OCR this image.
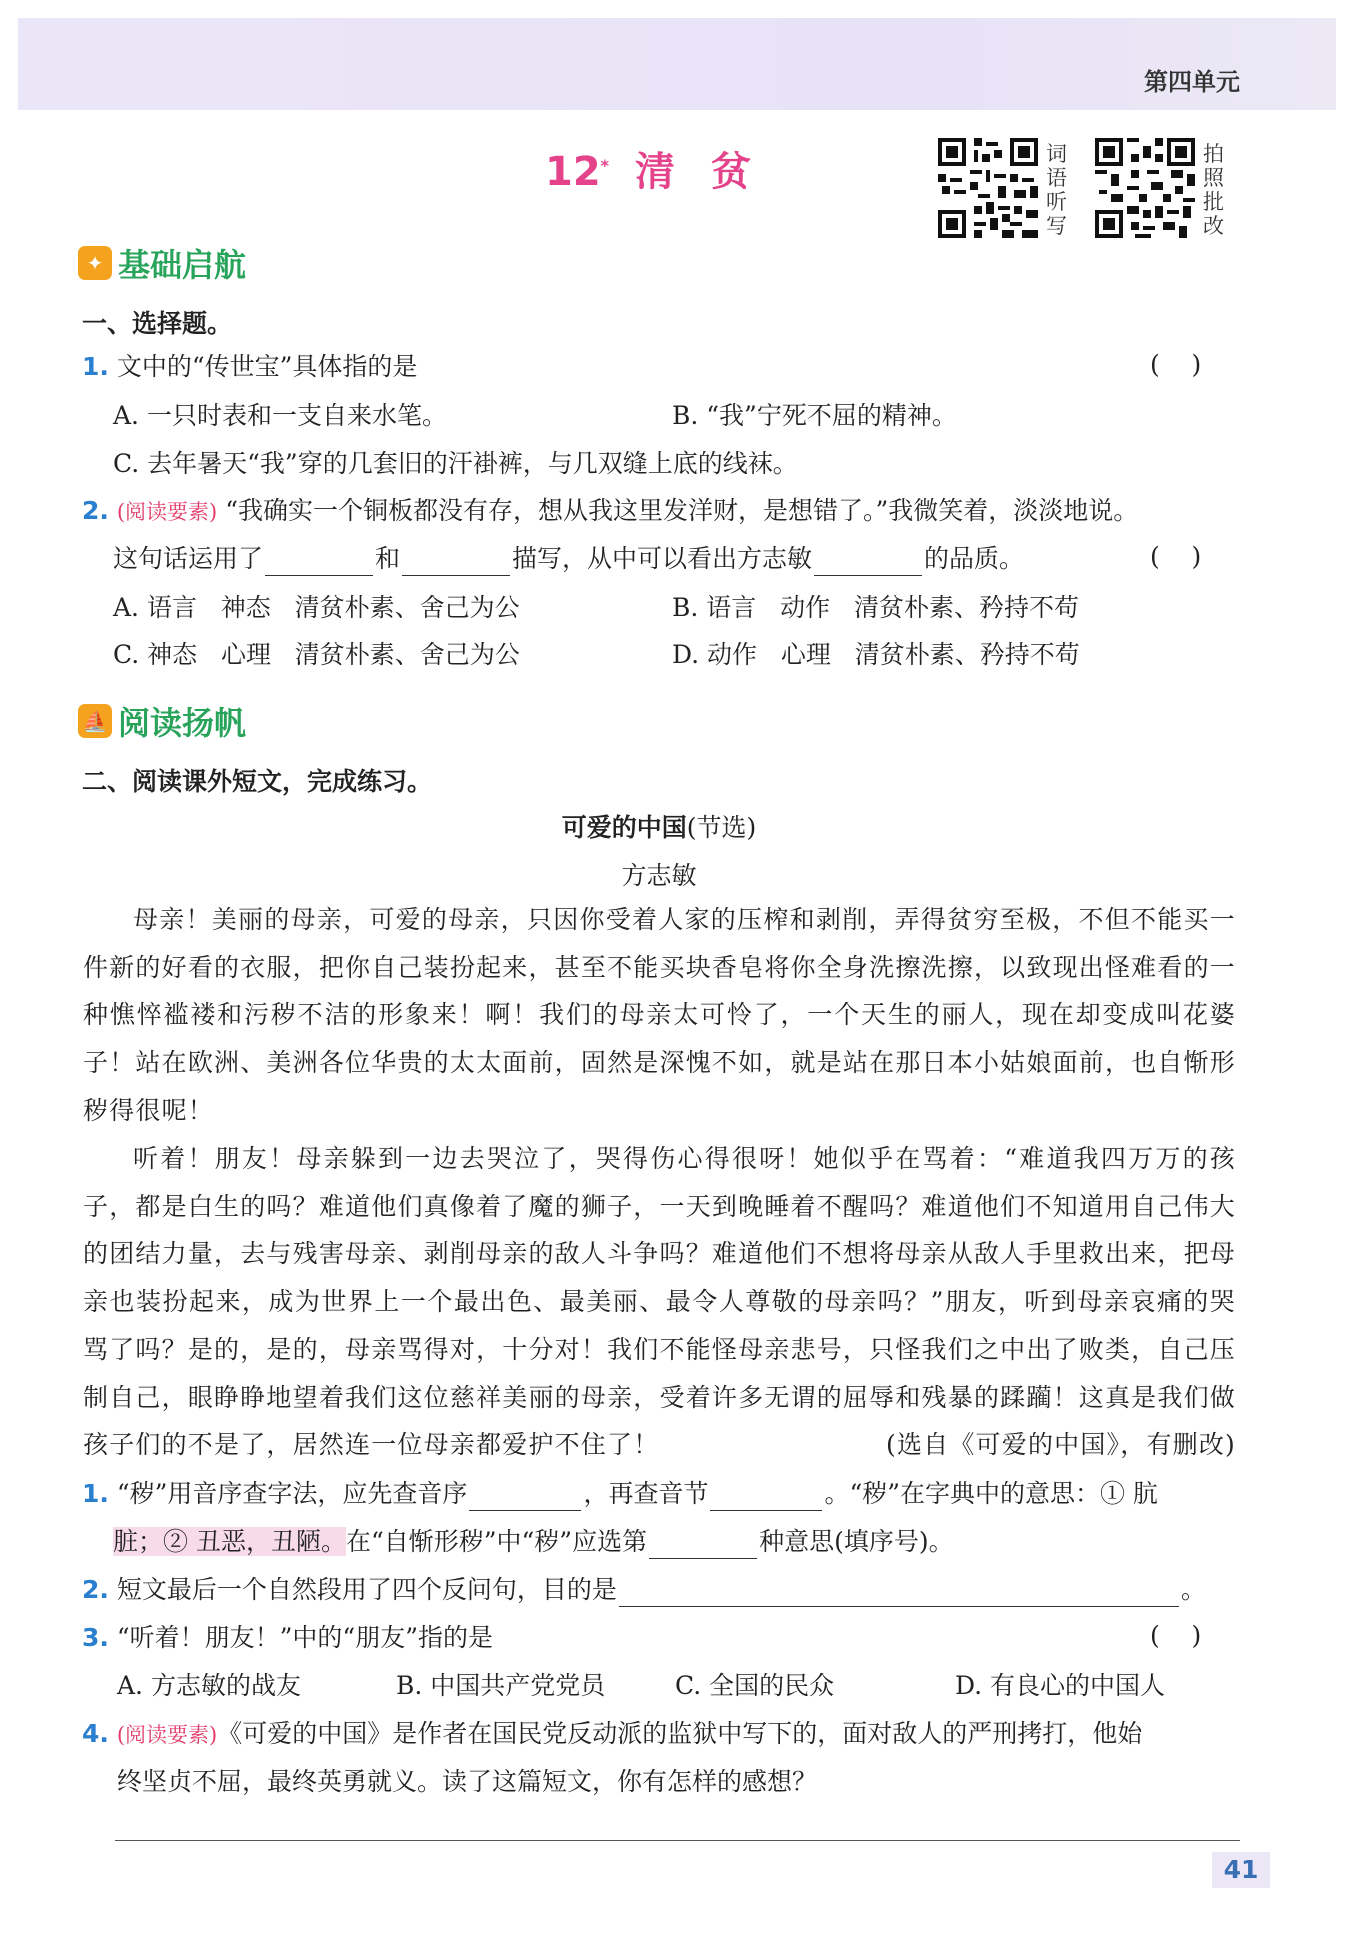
第四单元
12* 清贫	词语听写
拍照批改
✦ 基础启航
一、选择题。
1. 文中的“传世宝”具体指的是	(    )
A. 一只时表和一支自来水笔。	B. “我”宁死不屈的精神。
C. 去年暑天“我”穿的几套旧的汗褂裤，与几双缝上底的线袜。
2. (阅读要素) “我确实一个铜板都没有存，想从我这里发洋财，是想错了。”我微笑着，淡淡地说。
这句话运用了	和	描写，从中可以看出方志敏	的品质。	(    )
A. 语言   神态   清贫朴素、舍己为公	B. 语言   动作   清贫朴素、矜持不苟
C. 神态   心理   清贫朴素、舍己为公	D. 动作   心理   清贫朴素、矜持不苟
⛵ 阅读扬帆
二、阅读课外短文，完成练习。
可爱的中国(节选)
方志敏
母亲！美丽的母亲，可爱的母亲，只因你受着人家的压榨和剥削，弄得贫穷至极，不但不能买一件新的好看的衣服，把你自己装扮起来，甚至不能买块香皂将你全身洗擦洗擦，以致现出怪难看的一种憔悴褴褛和污秽不洁的形象来！啊！我们的母亲太可怜了，一个天生的丽人，现在却变成叫花婆子！站在欧洲、美洲各位华贵的太太面前，固然是深愧不如，就是站在那日本小姑娘面前，也自惭形秽得很呢！
听着！朋友！母亲躲到一边去哭泣了，哭得伤心得很呀！她似乎在骂着：“难道我四万万的孩子，都是白生的吗？难道他们真像着了魔的狮子，一天到晚睡着不醒吗？难道他们不知道用自己伟大的团结力量，去与残害母亲、剥削母亲的敌人斗争吗？难道他们不想将母亲从敌人手里救出来，把母亲也装扮起来，成为世界上一个最出色、最美丽、最令人尊敬的母亲吗？”朋友，听到母亲哀痛的哭骂了吗？是的，是的，母亲骂得对，十分对！我们不能怪母亲悲号，只怪我们之中出了败类，自己压制自己，眼睁睁地望着我们这位慈祥美丽的母亲，受着许多无谓的屈辱和残暴的蹂躏！这真是我们做孩子们的不是了，居然连一位母亲都爱护不住了！	(选自《可爱的中国》，有删改)
1. “秽”用音序查字法，应先查音序	，再查音节	。“秽”在字典中的意思：① 肮
脏；② 丑恶，丑陋。在“自惭形秽”中“秽”应选第	种意思(填序号)。
2. 短文最后一个自然段用了四个反问句，目的是	。
3. “听着！朋友！”中的“朋友”指的是	(    )
A. 方志敏的战友	B. 中国共产党党员	C. 全国的民众	D. 有良心的中国人
4. (阅读要素)《可爱的中国》是作者在国民党反动派的监狱中写下的，面对敌人的严刑拷打，他始
终坚贞不屈，最终英勇就义。读了这篇短文，你有怎样的感想？
41
